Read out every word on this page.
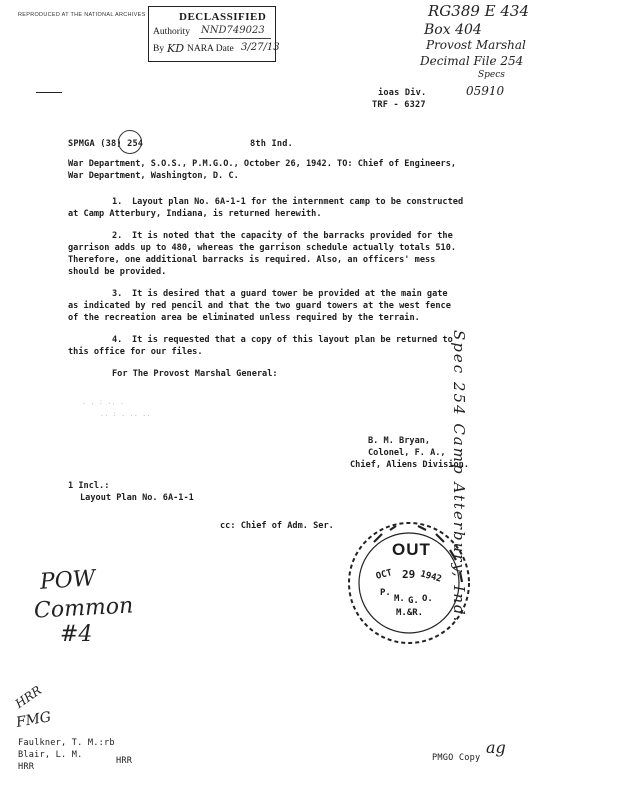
REPRODUCED AT THE NATIONAL ARCHIVES	DECLASSIFIED
Authority NND749023
By KD NARA Date 3/27/13
RG389 E 434
Box 404
Provost Marshal
Decimal File 254
Specs
05910
ioas Div.
TRF - 6327
SPMGA (38) 254	8th Ind.
War Department, S.O.S., P.M.G.O., October 26, 1942. TO: Chief of Engineers,
War Department, Washington, D. C.
1. Layout plan No. 6A-1-1 for the internment camp to be constructed
at Camp Atterbury, Indiana, is returned herewith.
2. It is noted that the capacity of the barracks provided for the
garrison adds up to 480, whereas the garrison schedule actually totals 510.
Therefore, one additional barracks is required. Also, an officers' mess
should be provided.
3. It is desired that a guard tower be provided at the main gate
as indicated by red pencil and that the two guard towers at the west fence
of the recreation area be eliminated unless required by the terrain.
4. It is requested that a copy of this layout plan be returned to
this office for our files.
For The Provost Marshal General:
. . : .. .
.. : . .. ..
B. M. Bryan,
Colonel, F. A.,
Chief, Aliens Division.
1 Incl.:
Layout Plan No. 6A-1-1
cc: Chief of Adm. Ser.
OUT
OCT 29 1942
P.
M. G. O.
M.&R. Spec 254 Camp Atterbury, Ind.
POW
Common
#4
HRR
FMG
Faulkner, T. M.:rb
Blair, L. M.
HRR
HRR	PMGO Copy
ag
